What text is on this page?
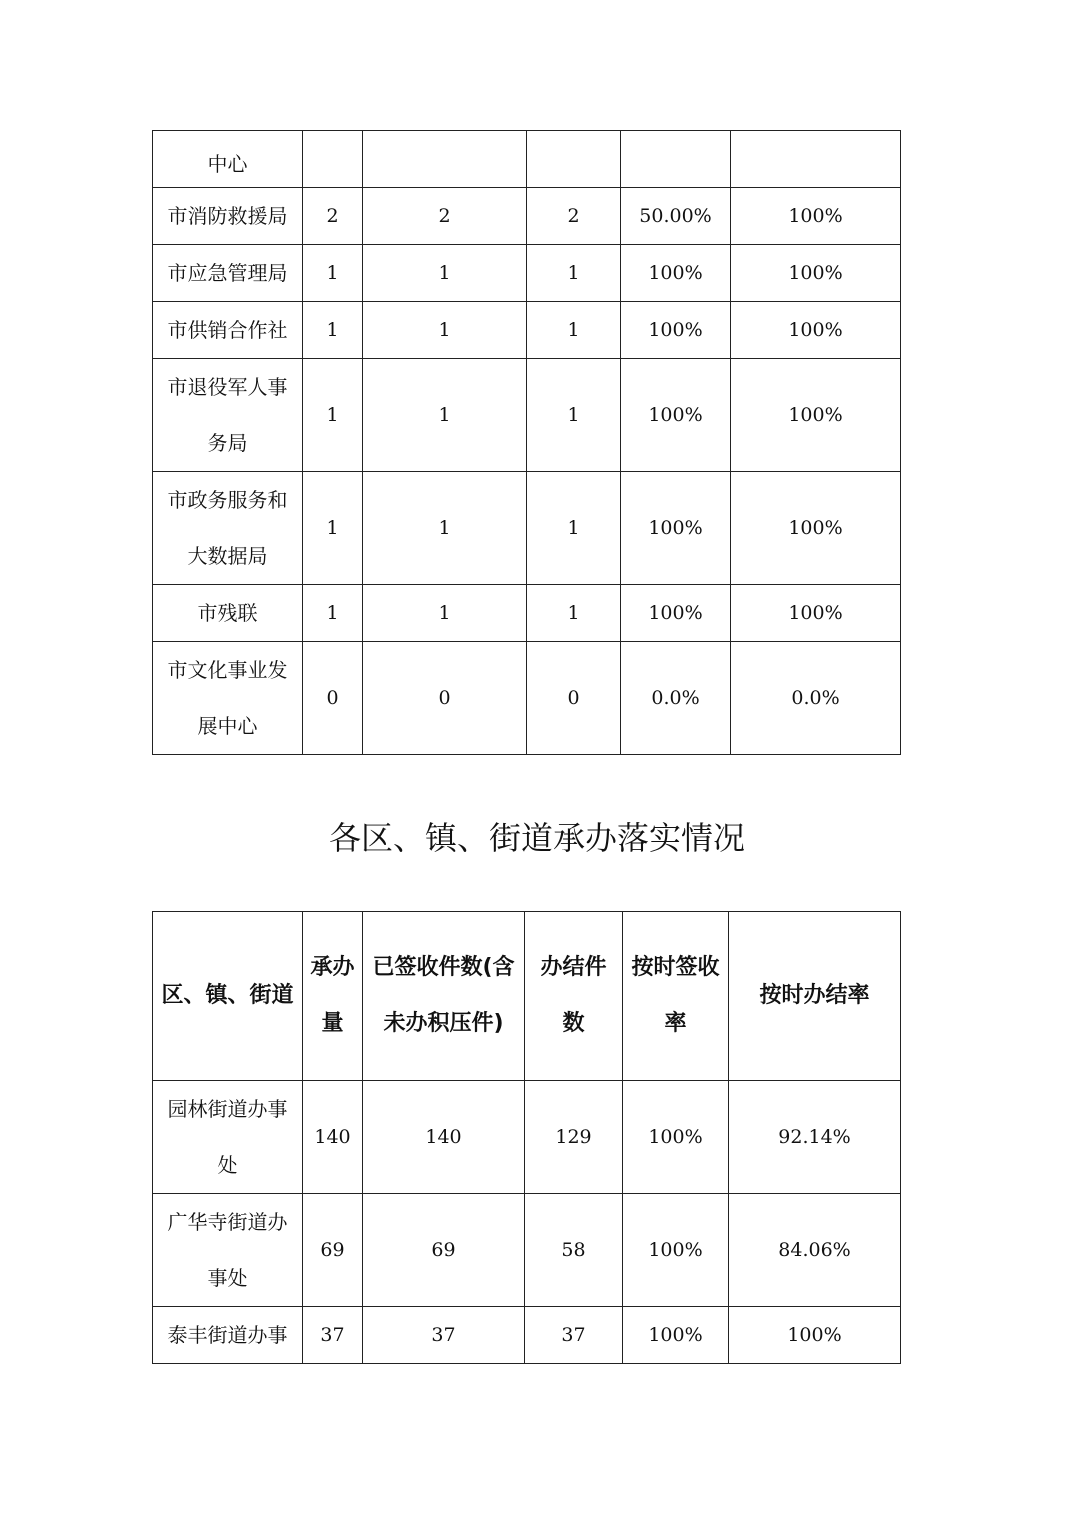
中心					
市消防救援局	2	2	2	50.00%	100%
市应急管理局	1	1	1	100%	100%
市供销合作社	1	1	1	100%	100%
市退役军人事务局	1	1	1	100%	100%
市政务服务和大数据局	1	1	1	100%	100%
市残联	1	1	1	100%	100%
市文化事业发展中心	0	0	0	0.0%	0.0%
各区、镇、街道承办落实情况
区、镇、街道	承办量	已签收件数(含未办积压件)	办结件数	按时签收率	按时办结率
园林街道办事处	140	140	129	100%	92.14%
广华寺街道办事处	69	69	58	100%	84.06%
泰丰街道办事	37	37	37	100%	100%
